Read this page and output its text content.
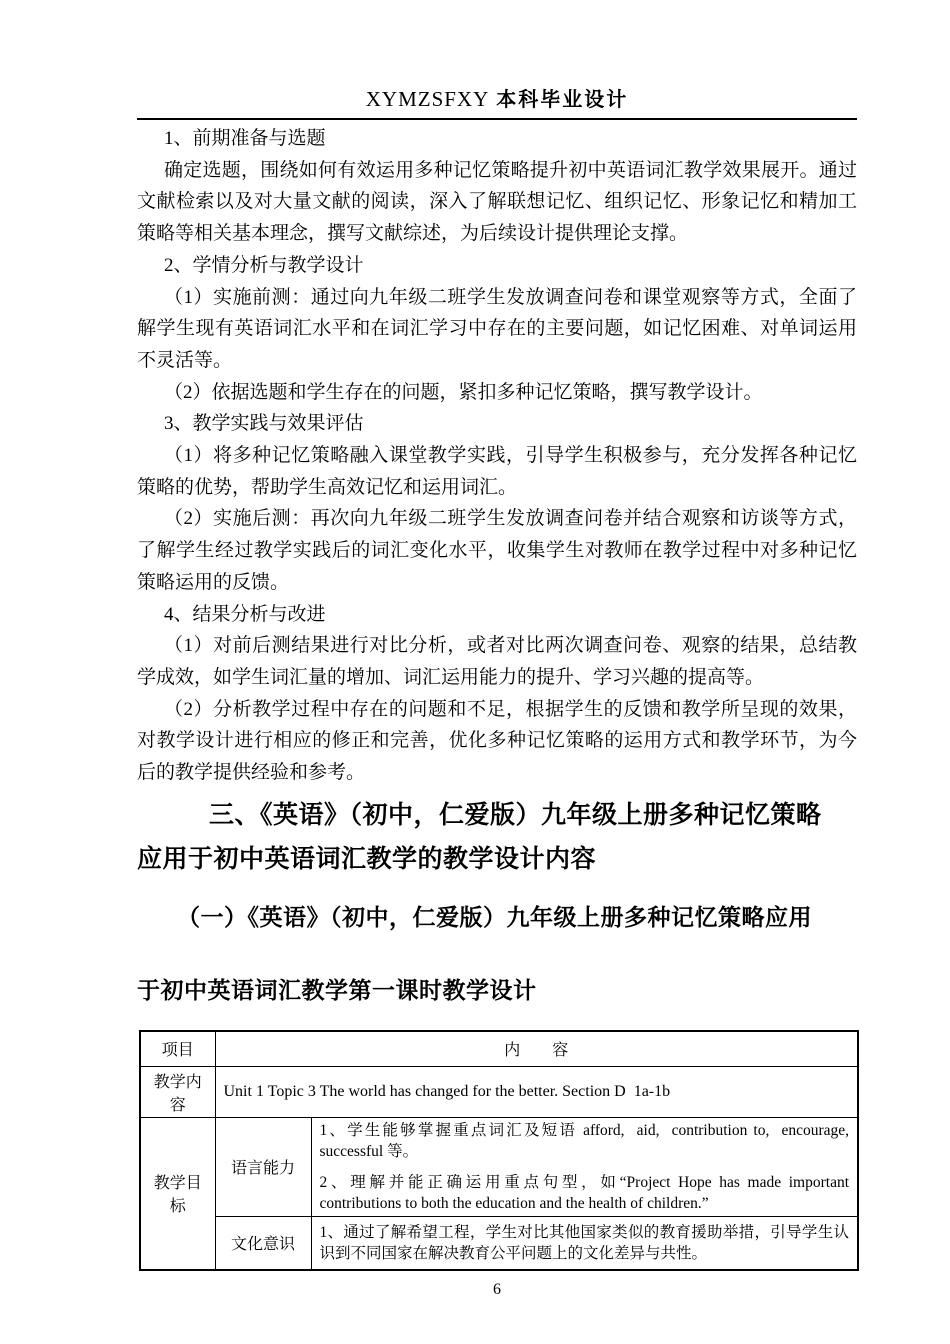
XYMZSFXY 本科毕业设计

1、前期准备与选题

确定选题，围绕如何有效运用多种记忆策略提升初中英语词汇教学效果展开。通过文献检索以及对大量文献的阅读，深入了解联想记忆、组织记忆、形象记忆和精加工策略等相关基本理念，撰写文献综述，为后续设计提供理论支撑。

2、学情分析与教学设计

（1）实施前测：通过向九年级二班学生发放调查问卷和课堂观察等方式，全面了解学生现有英语词汇水平和在词汇学习中存在的主要问题，如记忆困难、对单词运用不灵活等。

（2）依据选题和学生存在的问题，紧扣多种记忆策略，撰写教学设计。

3、教学实践与效果评估

（1）将多种记忆策略融入课堂教学实践，引导学生积极参与，充分发挥各种记忆策略的优势，帮助学生高效记忆和运用词汇。

（2）实施后测：再次向九年级二班学生发放调查问卷并结合观察和访谈等方式，了解学生经过教学实践后的词汇变化水平，收集学生对教师在教学过程中对多种记忆策略运用的反馈。

4、结果分析与改进

（1）对前后测结果进行对比分析，或者对比两次调查问卷、观察的结果，总结教学成效，如学生词汇量的增加、词汇运用能力的提升、学习兴趣的提高等。

（2）分析教学过程中存在的问题和不足，根据学生的反馈和教学所呈现的效果，对教学设计进行相应的修正和完善，优化多种记忆策略的运用方式和教学环节，为今后的教学提供经验和参考。

三、《英语》（初中，仁爱版）九年级上册多种记忆策略
应用于初中英语词汇教学的教学设计内容
（一）《英语》（初中，仁爱版）九年级上册多种记忆策略应用
于初中英语词汇教学第一课时教学设计
项目	内　　容	
教学内容	Unit 1 Topic 3 The world has changed for the better. Section D  1a-1b	
教学目标	语言能力	1、学生能够掌握重点词汇及短语 afford,  aid,  contribution to,  encourage,  successful 等。

2、理解并能正确运用重点句型，如“Project Hope has made important contributions to both the education and the health of children.”

	文化意识	1、通过了解希望工程，学生对比其他国家类似的教育援助举措，引导学生认识到不同国家在解决教育公平问题上的文化差异与共性。

6
